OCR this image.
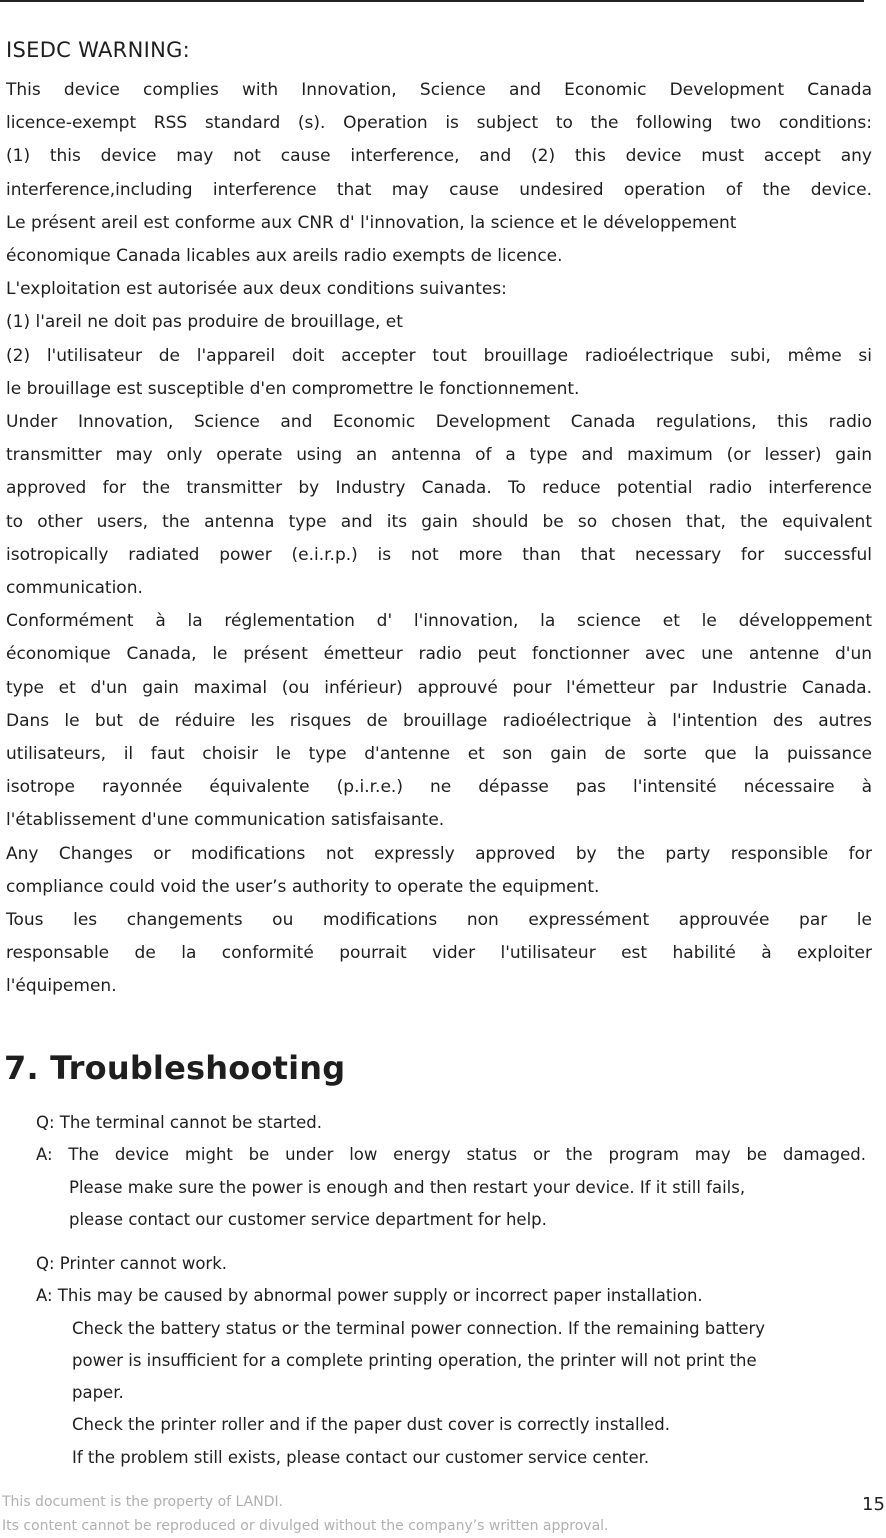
ISEDC WARNING:

This device complies with Innovation, Science and Economic Development Canada

licence-exempt RSS standard (s). Operation is subject to the following two conditions:

(1) this device may not cause interference, and (2) this device must accept any

interference,including interference that may cause undesired operation of the device.

Le présent areil est conforme aux CNR d' l'innovation, la science et le développement

économique Canada licables aux areils radio exempts de licence.

L'exploitation est autorisée aux deux conditions suivantes:

(1) l'areil ne doit pas produire de brouillage, et

(2) l'utilisateur de l'appareil doit accepter tout brouillage radioélectrique subi, même si

le brouillage est susceptible d'en compromettre le fonctionnement.

Under Innovation, Science and Economic Development Canada regulations, this radio

transmitter may only operate using an antenna of a type and maximum (or lesser) gain

approved for the transmitter by Industry Canada. To reduce potential radio interference

to other users, the antenna type and its gain should be so chosen that, the equivalent

isotropically radiated power (e.i.r.p.) is not more than that necessary for successful

communication.

Conformément à la réglementation d' l'innovation, la science et le développement

économique Canada, le présent émetteur radio peut fonctionner avec une antenne d'un

type et d'un gain maximal (ou inférieur) approuvé pour l'émetteur par Industrie Canada.

Dans le but de réduire les risques de brouillage radioélectrique à l'intention des autres

utilisateurs, il faut choisir le type d'antenne et son gain de sorte que la puissance

isotrope rayonnée équivalente (p.i.r.e.) ne dépasse pas l'intensité nécessaire à

l'établissement d'une communication satisfaisante.

Any Changes or modifications not expressly approved by the party responsible for

compliance could void the user’s authority to operate the equipment.

Tous les changements ou modifications non expressément approuvée par le

responsable de la conformité pourrait vider l'utilisateur est habilité à exploiter

l'équipemen.

7. Troubleshooting

Q: The terminal cannot be started.

A: The device might be under low energy status or the program may be damaged.

Please make sure the power is enough and then restart your device. If it still fails,

please contact our customer service department for help.

Q: Printer cannot work.

A: This may be caused by abnormal power supply or incorrect paper installation.

Check the battery status or the terminal power connection. If the remaining battery

power is insufficient for a complete printing operation, the printer will not print the

paper.

Check the printer roller and if the paper dust cover is correctly installed.

If the problem still exists, please contact our customer service center.

This document is the property of LANDI.

Its content cannot be reproduced or divulged without the company’s written approval.

15
